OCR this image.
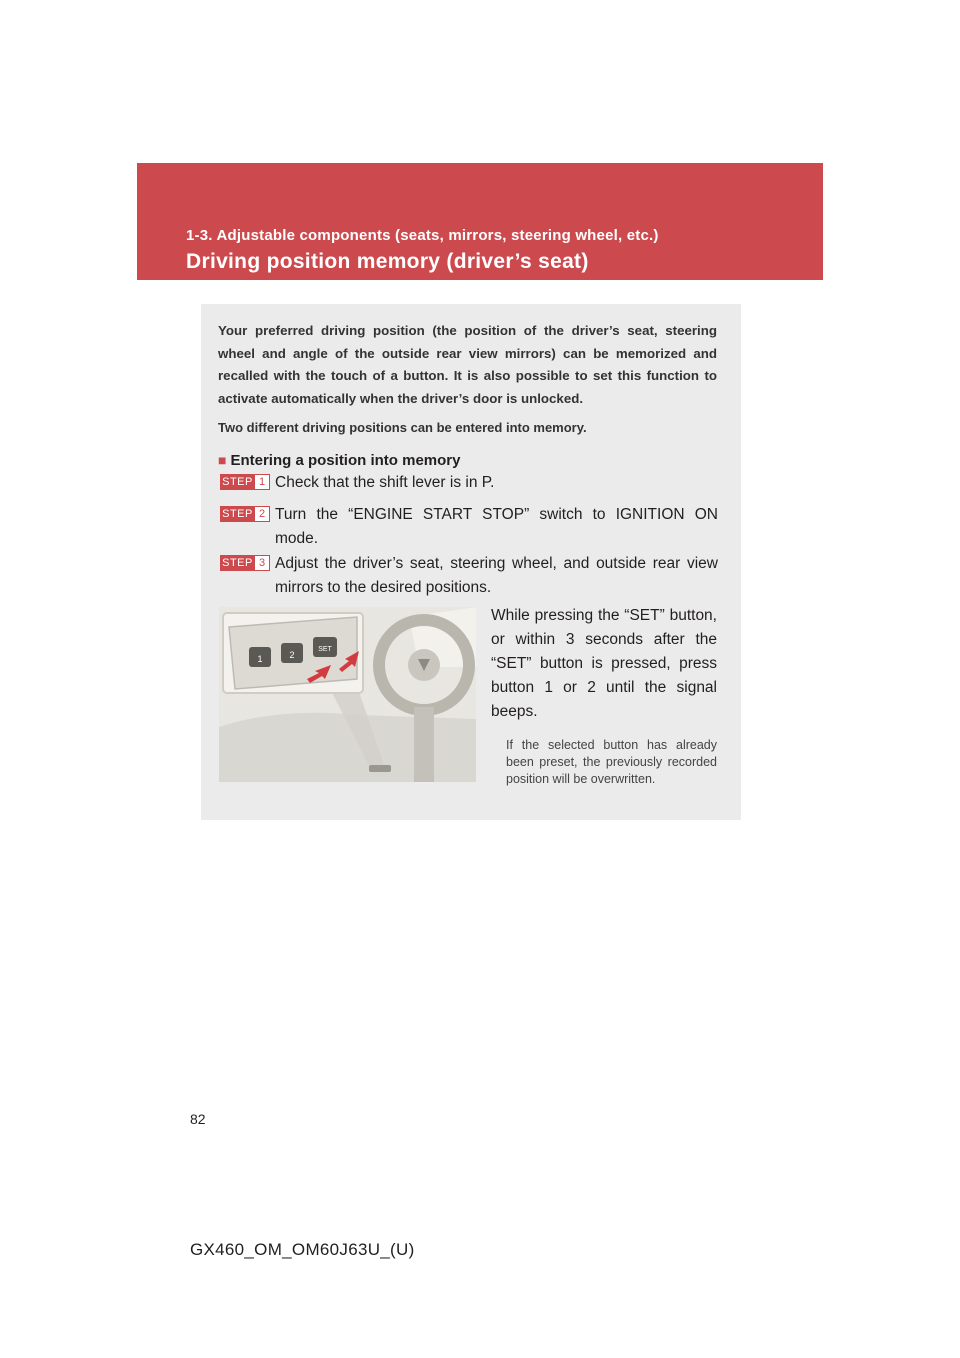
1-3. Adjustable components (seats, mirrors, steering wheel, etc.)
Driving position memory (driver’s seat)
Your preferred driving position (the position of the driver’s seat, steering wheel and angle of the outside rear view mirrors) can be memorized and recalled with the touch of a button. It is also possible to set this function to activate automatically when the driver’s door is unlocked.
Two different driving positions can be entered into memory.
■ Entering a position into memory
STEP 1 Check that the shift lever is in P.
STEP 2 Turn the “ENGINE START STOP” switch to IGNITION ON mode.
STEP 3 Adjust the driver’s seat, steering wheel, and outside rear view mirrors to the desired positions.
1	2
SET
While pressing the “SET” button, or within 3 seconds after the “SET” button is pressed, press button 1 or 2 until the signal beeps.
If the selected button has already been preset, the previously recorded position will be overwritten.
82
GX460_OM_OM60J63U_(U)
